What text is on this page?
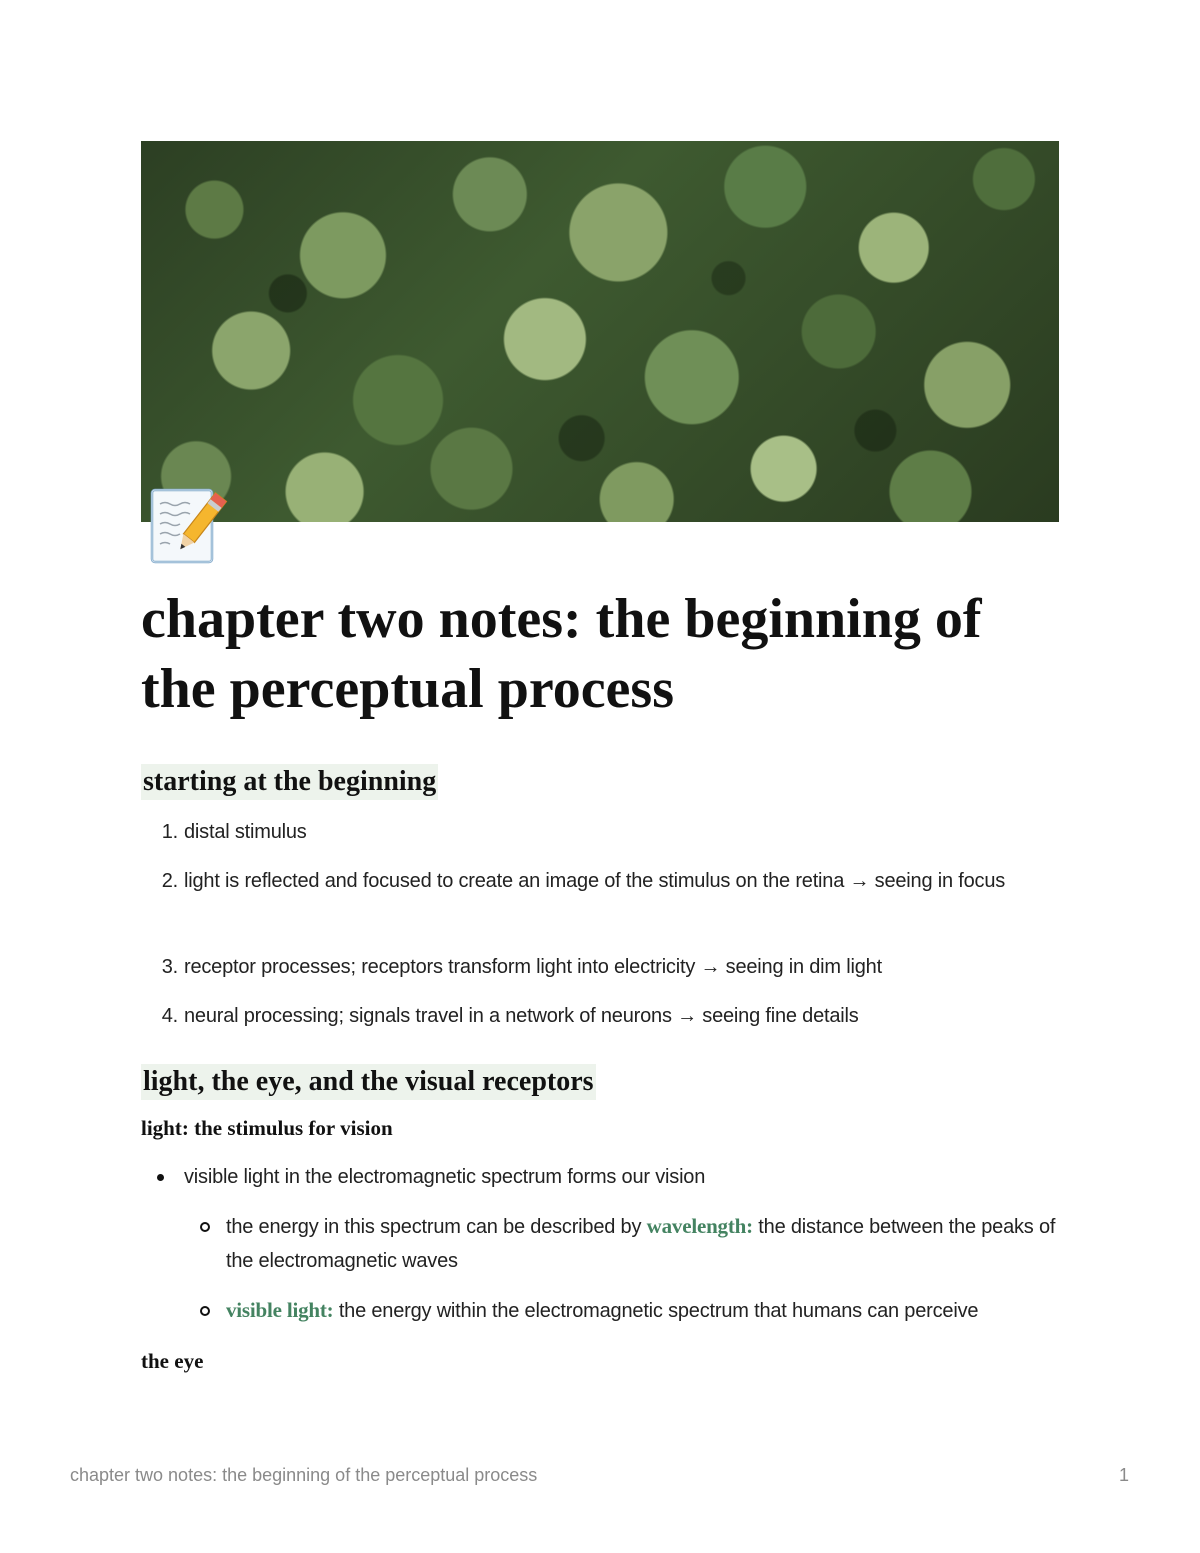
chapter two notes: the beginning of the perceptual process
starting at the beginning
1. distal stimulus
2. light is reflected and focused to create an image of the stimulus on the retina → seeing in focus
3. receptor processes; receptors transform light into electricity → seeing in dim light
4. neural processing; signals travel in a network of neurons → seeing fine details
light, the eye, and the visual receptors
light: the stimulus for vision
visible light in the electromagnetic spectrum forms our vision
the energy in this spectrum can be described by wavelength: the distance between the peaks of the electromagnetic waves
visible light: the energy within the electromagnetic spectrum that humans can perceive
the eye
chapter two notes: the beginning of the perceptual process	1
